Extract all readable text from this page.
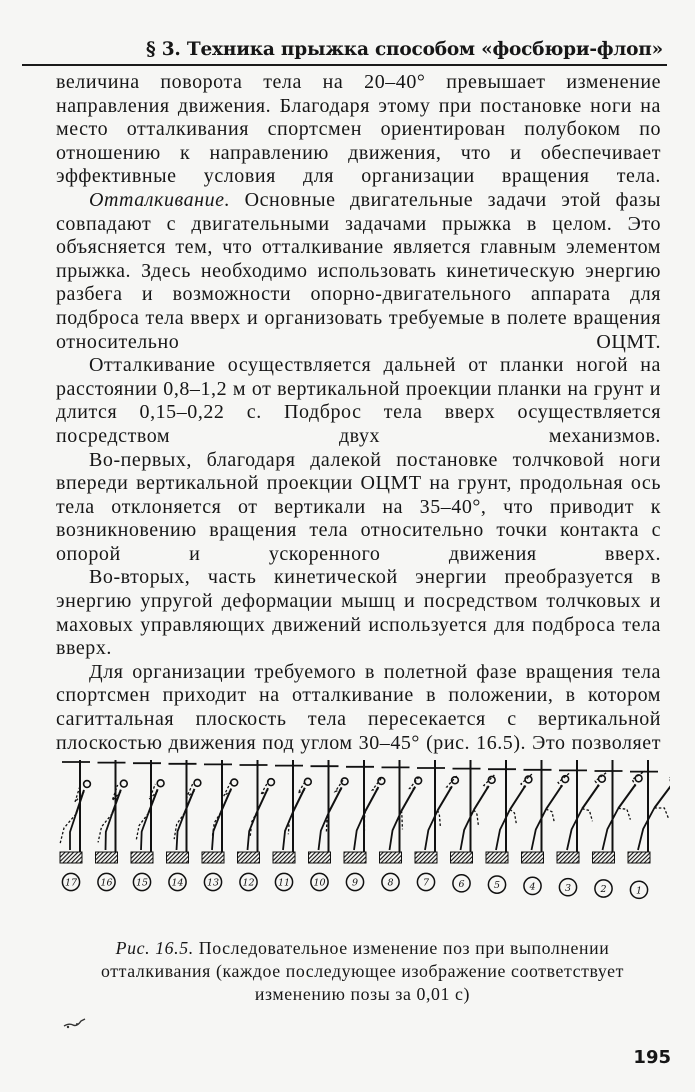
§ 3. Техника прыжка способом «фосбюри-флоп»

величина поворота тела на 20–40° превышает изменение направления движения. Благодаря этому при постановке ноги на место отталкивания спортсмен ориентирован полубоком по отношению к направлению движения, что и обеспечивает эффективные условия для организации вращения тела.

Отталкивание. Основные двигательные задачи этой фазы совпадают с двигательными задачами прыжка в целом. Это объясняется тем, что отталкивание является главным элементом прыжка. Здесь необходимо использовать кинетическую энергию разбега и возможности опорно-двигательного аппарата для подброса тела вверх и организовать требуемые в полете вращения относительно ОЦМТ.

Отталкивание осуществляется дальней от планки ногой на расстоянии 0,8–1,2 м от вертикальной проекции планки на грунт и длится 0,15–0,22 с. Подброс тела вверх осуществляется посредством двух механизмов.

Во-первых, благодаря далекой постановке толчковой ноги впереди вертикальной проекции ОЦМТ на грунт, продольная ось тела отклоняется от вертикали на 35–40°, что приводит к возникновению вращения тела относительно точки контакта с опорой и ускоренного движения вверх.

Во-вторых, часть кинетической энергии преобразуется в энергию упругой деформации мышц и посредством толчковых и маховых управляющих движений используется для подброса тела вверх.

Для организации требуемого в полетной фазе вращения тела спортсмен приходит на отталкивание в положении, в котором сагиттальная плоскость тела пересекается с вертикальной плоскостью движения под углом 30–45° (рис. 16.5). Это позволяет

17 16 15 14 13 12 11 10	9	8	7	6	5	4	3	2	1
Рис. 16.5. Последовательное изменение поз при выполнении отталкивания (каждое последующее изображение соответствует изменению позы за 0,01 с)
195
